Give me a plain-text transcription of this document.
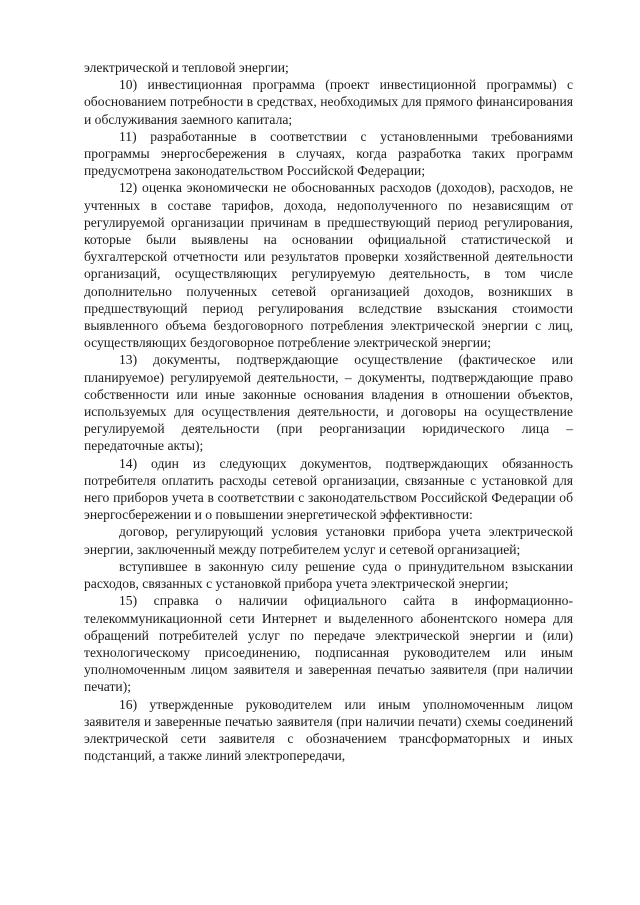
электрической и тепловой энергии;

10) инвестиционная программа (проект инвестиционной программы) с обоснованием потребности в средствах, необходимых для прямого финансирования и обслуживания заемного капитала;

11) разработанные в соответствии с установленными требованиями программы энергосбережения в случаях, когда разработка таких программ предусмотрена законодательством Российской Федерации;

12) оценка экономически не обоснованных расходов (доходов), расходов, не учтенных в составе тарифов, дохода, недополученного по независящим от регулируемой организации причинам в предшествующий период регулирования, которые были выявлены на основании официальной статистической и бухгалтерской отчетности или результатов проверки хозяйственной деятельности организаций, осуществляющих регулируемую деятельность, в том числе дополнительно полученных сетевой организацией доходов, возникших в предшествующий период регулирования вследствие взыскания стоимости выявленного объема бездоговорного потребления электрической энергии с лиц, осуществляющих бездоговорное потребление электрической энергии;

13) документы, подтверждающие осуществление (фактическое или планируемое) регулируемой деятельности, – документы, подтверждающие право собственности или иные законные основания владения в отношении объектов, используемых для осуществления деятельности, и договоры на осуществление регулируемой деятельности (при реорганизации юридического лица – передаточные акты);

14) один из следующих документов, подтверждающих обязанность потребителя оплатить расходы сетевой организации, связанные с установкой для него приборов учета в соответствии с законодательством Российской Федерации об энергосбережении и о повышении энергетической эффективности:

договор, регулирующий условия установки прибора учета электрической энергии, заключенный между потребителем услуг и сетевой организацией;

вступившее в законную силу решение суда о принудительном взыскании расходов, связанных с установкой прибора учета электрической энергии;

15) справка о наличии официального сайта в информационно-телекоммуникационной сети Интернет и выделенного абонентского номера для обращений потребителей услуг по передаче электрической энергии и (или) технологическому присоединению, подписанная руководителем или иным уполномоченным лицом заявителя и заверенная печатью заявителя (при наличии печати);

16) утвержденные руководителем или иным уполномоченным лицом заявителя и заверенные печатью заявителя (при наличии печати) схемы соединений электрической сети заявителя с обозначением трансформаторных и иных подстанций, а также линий электропередачи,
